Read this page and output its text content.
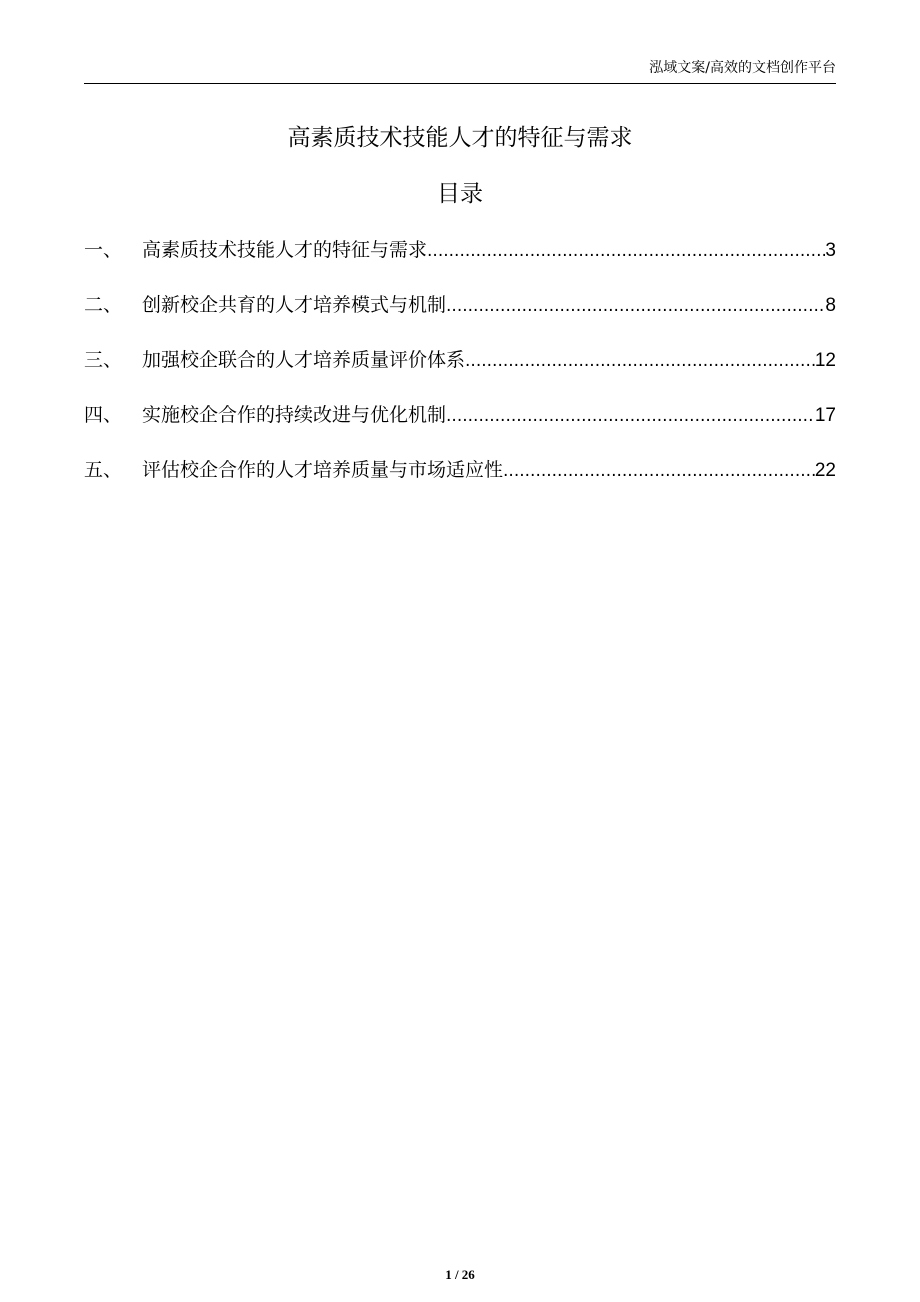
泓域文案/高效的文档创作平台
高素质技术技能人才的特征与需求
目录
一、	高素质技术技能人才的特征与需求 .....	3
二、	创新校企共育的人才培养模式与机制 .....	8
三、	加强校企联合的人才培养质量评价体系 .....	12
四、	实施校企合作的持续改进与优化机制 .....	17
五、	评估校企合作的人才培养质量与市场适应性 .....	22
1 / 26
